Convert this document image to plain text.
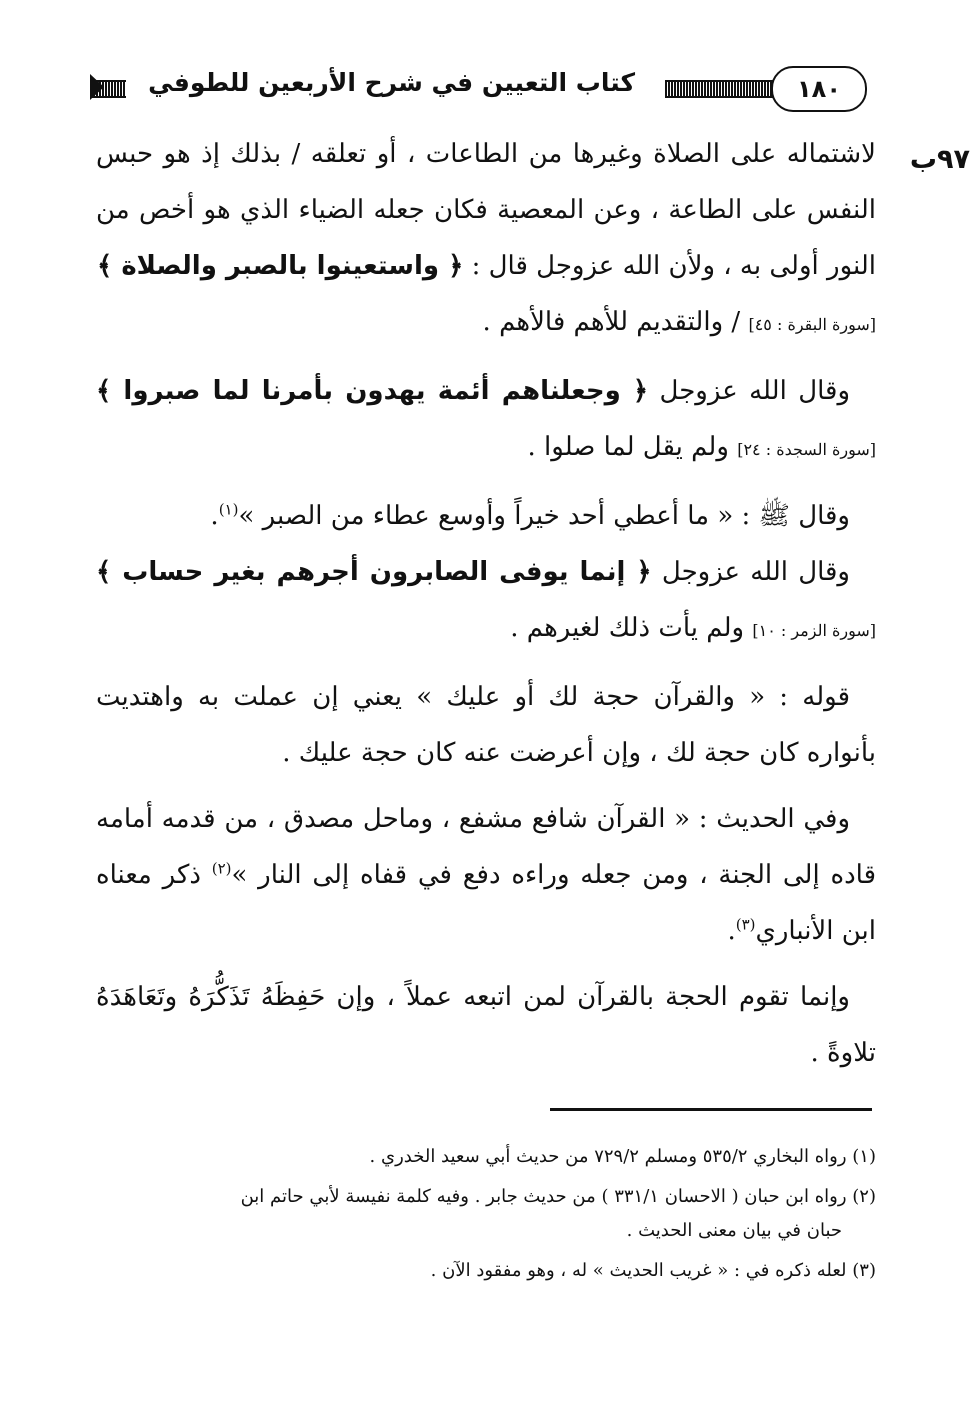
١٨٠
كتاب التعيين في شرح الأربعين للطوفي
٩٧ب

لاشتماله على الصلاة وغيرها من الطاعات ، أو تعلقه / بذلك إذ هو حبس النفس على الطاعة ، وعن المعصية فكان جعله الضياء الذي هو أخص من النور أولى به ، ولأن الله عزوجل قال : ﴿ واستعينوا بالصبر والصلاة ﴾
[سورة البقرة : ٤٥] / والتقديم للأهم فالأهم .

 وقال الله عزوجل ﴿ وجعلناهم أئمة يهدون بأمرنا لما صبروا ﴾ [سورة السجدة : ٢٤] ولم يقل لما صلوا .

 وقال ﷺ : « ما أعطي أحد خيراً وأوسع عطاء من الصبر »$^{(١)}$.

 وقال الله عزوجل ﴿ إنما يوفى الصابرون أجرهم بغير حساب ﴾ [سورة الزمر : ١٠] ولم يأت ذلك لغيرهم .

 قوله : « والقرآن حجة لك أو عليك » يعني إن عملت به واهتديت بأنواره كان حجة لك ، وإن أعرضت عنه كان حجة عليك .

 وفي الحديث : « القرآن شافع مشفع ، وماحل مصدق ، من قدمه أمامه قاده إلى الجنة ، ومن جعله وراءه دفع في قفاه إلى النار »$^{(٢)}$ ذكر معناه ابن الأنباري$^{(٣)}$.

 وإنما تقوم الحجة بالقرآن لمن اتبعه عملاً ، وإن حَفِظَهُ تَذَكُّرَهُ وتَعَاهَدَهُ تلاوةً .

(١) رواه البخاري ٥٣٥/٢ ومسلم ٧٢٩/٢ من حديث أبي سعيد الخدري .

(٢) رواه ابن حبان ( الاحسان ٣٣١/١ ) من حديث جابر . وفيه كلمة نفيسة لأبي حاتم ابن

حبان في بيان معنى الحديث .

(٣) لعله ذكره في : « غريب الحديث » له ، وهو مفقود الآن .
